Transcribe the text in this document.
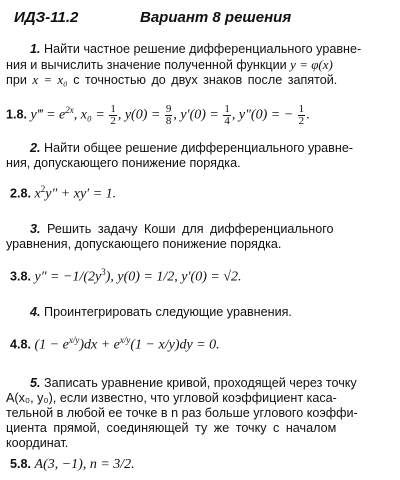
ИДЗ-11.2	Вариант 8 решения
1. Найти частное решение дифференциального уравне-
ния и вычислить значение полученной функции y = φ(x)
при x = x₀ с точностью до двух знаков после запятой.
1.8. y‴ = $e^{2x}$, $x_0 = \frac{1}{2}$ , $y(0) = \frac{9}{8}$ , $y'(0) = \frac{1}{4}$ , y″(0) = − $\frac{1}{2}$ .
2. Найти общее решение дифференциального уравне-
ния, допускающего понижение порядка.
2.8. $x^2y'' + xy' = 1$.
3. Решить задачу Коши для дифференциального
уравнения, допускающего понижение порядка.
3.8. $y'' = -1/(2y^3)$, y(0) = 1/2, y′(0) = √2.
4. Проинтегрировать следующие уравнения.
4.8. $(1 - e^{x/y})dx + e^{x/y}(1 - x/y)dy = 0$.
5. Записать уравнение кривой, проходящей через точку
A(x₀, y₀), если известно, что угловой коэффициент каса-
тельной в любой ее точке в n раз больше углового коэффи-
циента прямой, соединяющей ту же точку с началом
координат.
5.8. A(3, −1), n = 3/2.
